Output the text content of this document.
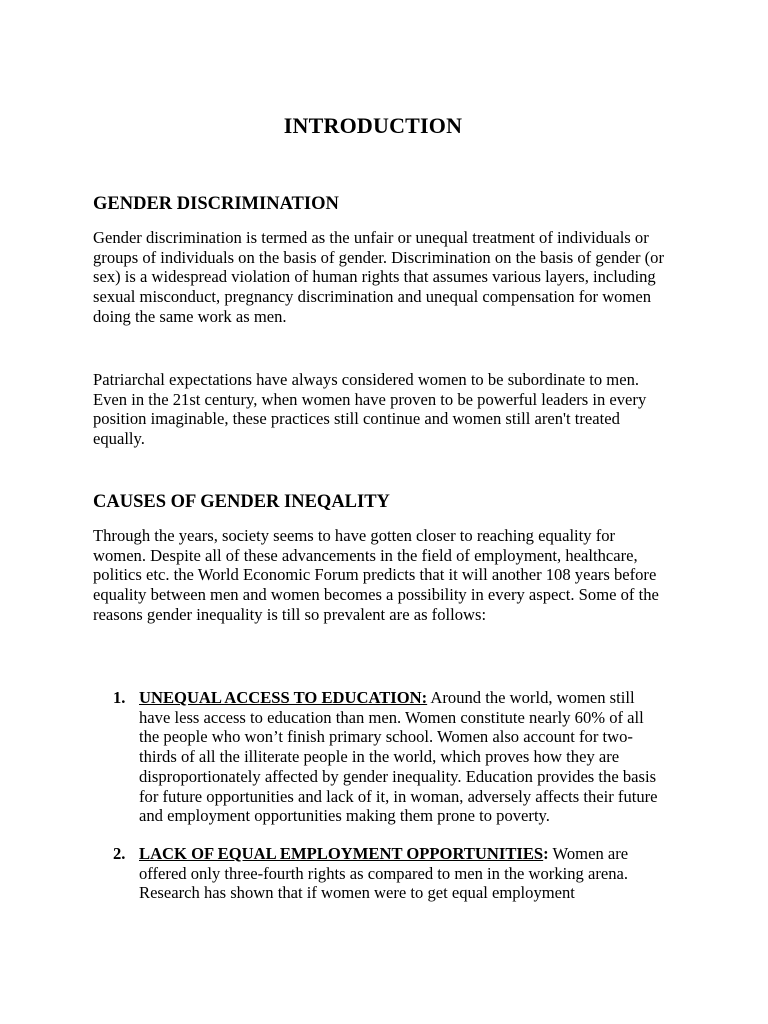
INTRODUCTION
GENDER DISCRIMINATION
Gender discrimination is termed as the unfair or unequal treatment of individuals or groups of individuals on the basis of gender. Discrimination on the basis of gender (or sex) is a widespread violation of human rights that assumes various layers, including sexual misconduct, pregnancy discrimination and unequal compensation for women doing the same work as men.
Patriarchal expectations have always considered women to be subordinate to men. Even in the 21st century, when women have proven to be powerful leaders in every position imaginable, these practices still continue and women still aren't treated equally.
CAUSES OF GENDER INEQALITY
Through the years, society seems to have gotten closer to reaching equality for women. Despite all of these advancements in the field of employment, healthcare, politics etc. the World Economic Forum predicts that it will another 108 years before equality between men and women becomes a possibility in every aspect. Some of the reasons gender inequality is till so prevalent are as follows:
1. UNEQUAL ACCESS TO EDUCATION: Around the world, women still have less access to education than men. Women constitute nearly 60% of all the people who won’t finish primary school. Women also account for two-thirds of all the illiterate people in the world, which proves how they are disproportionately affected by gender inequality. Education provides the basis for future opportunities and lack of it, in woman, adversely affects their future and employment opportunities making them prone to poverty.
2. LACK OF EQUAL EMPLOYMENT OPPORTUNITIES: Women are offered only three-fourth rights as compared to men in the working arena. Research has shown that if women were to get equal employment
